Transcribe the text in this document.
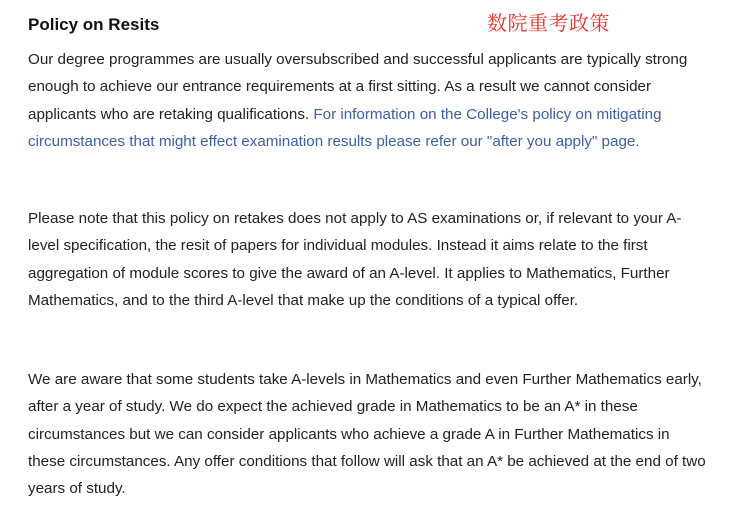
Policy on Resits	数院重考政策

Our degree programmes are usually oversubscribed and successful applicants are typically strong enough to achieve our entrance requirements at a first sitting. As a result we cannot consider applicants who are retaking qualifications. For information on the College's policy on mitigating circumstances that might effect examination results please refer our "after you apply" page.

Please note that this policy on retakes does not apply to AS examinations or, if relevant to your A-level specification, the resit of papers for individual modules. Instead it aims relate to the first aggregation of module scores to give the award of an A-level. It applies to Mathematics, Further Mathematics, and to the third A-level that make up the conditions of a typical offer.

We are aware that some students take A-levels in Mathematics and even Further Mathematics early, after a year of study. We do expect the achieved grade in Mathematics to be an A* in these circumstances but we can consider applicants who achieve a grade A in Further Mathematics in these circumstances. Any offer conditions that follow will ask that an A* be achieved at the end of two years of study.
